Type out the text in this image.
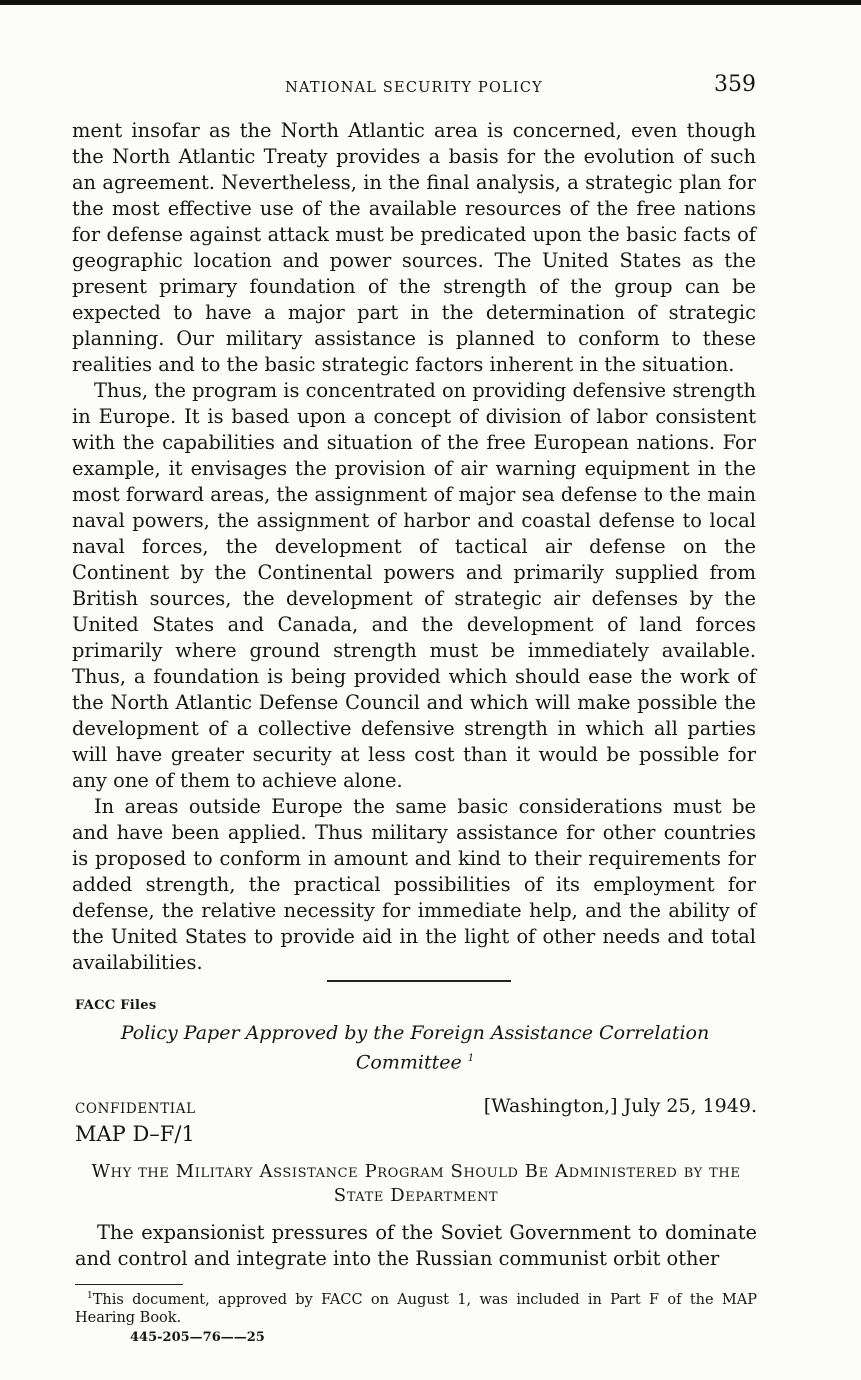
NATIONAL SECURITY POLICY	359

ment insofar as the North Atlantic area is concerned, even though the North Atlantic Treaty provides a basis for the evolution of such an agreement. Nevertheless, in the final analysis, a strategic plan for the most effective use of the available resources of the free nations for defense against attack must be predicated upon the basic facts of geographic location and power sources. The United States as the present primary foundation of the strength of the group can be expected to have a major part in the determination of strategic planning. Our military assistance is planned to conform to these realities and to the basic strategic factors inherent in the situation.

Thus, the program is concentrated on providing defensive strength in Europe. It is based upon a concept of division of labor consistent with the capabilities and situation of the free European nations. For example, it envisages the provision of air warning equipment in the most forward areas, the assignment of major sea defense to the main naval powers, the assignment of harbor and coastal defense to local naval forces, the development of tactical air defense on the Continent by the Continental powers and primarily supplied from British sources, the development of strategic air defenses by the United States and Canada, and the development of land forces primarily where ground strength must be immediately available. Thus, a foundation is being provided which should ease the work of the North Atlantic Defense Council and which will make possible the development of a collective defensive strength in which all parties will have greater security at less cost than it would be possible for any one of them to achieve alone.

In areas outside Europe the same basic considerations must be and have been applied. Thus military assistance for other countries is proposed to conform in amount and kind to their requirements for added strength, the practical possibilities of its employment for defense, the relative necessity for immediate help, and the ability of the United States to provide aid in the light of other needs and total availabilities.

FACC Files
Policy Paper Approved by the Foreign Assistance Correlation Committee $^1$
CONFIDENTIAL	[Washington,] July 25, 1949.
MAP D–F/1
Why the Military Assistance Program Should Be Administered by the State Department
The expansionist pressures of the Soviet Government to dominate and control and integrate into the Russian communist orbit other
$^1$This document, approved by FACC on August 1, was included in Part F of the MAP Hearing Book.
445-205—76——25
